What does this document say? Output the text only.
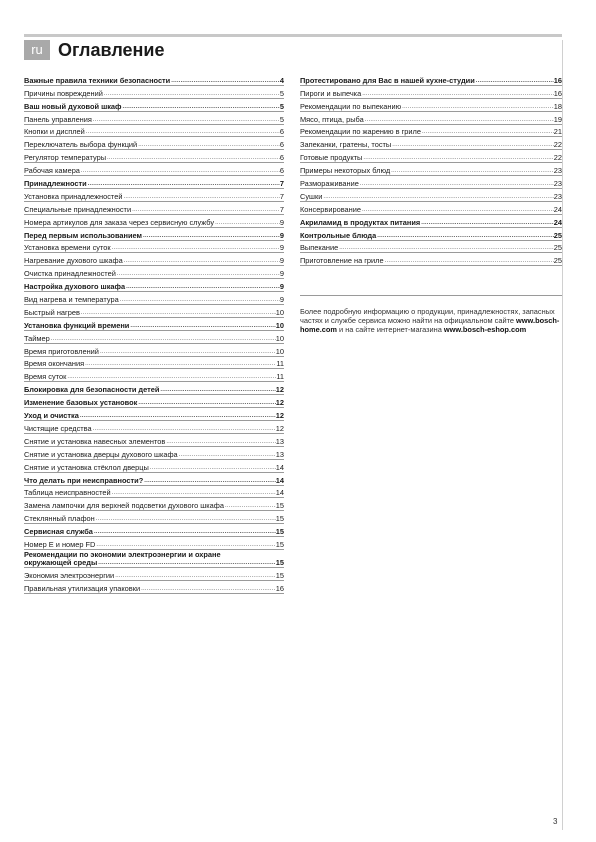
ru Оглавление
Важные правила техники безопасности .....	4
Причины повреждений .....	5
Ваш новый духовой шкаф .....	5
Панель управления .....	5
Кнопки и дисплей .....	6
Переключатель выбора функций .....	6
Регулятор температуры .....	6
Рабочая камера .....	6
Принадлежности .....	7
Установка принадлежностей .....	7
Специальные принадлежности .....	7
Номера артикулов для заказа через сервисную службу .....	9
Перед первым использованием .....	9
Установка времени суток .....	9
Нагревание духового шкафа .....	9
Очистка принадлежностей .....	9
Настройка духового шкафа .....	9
Вид нагрева и температура .....	9
Быстрый нагрев .....	10
Установка функций времени .....	10
Таймер .....	10
Время приготовлений .....	10
Время окончания .....	11
Время суток .....	11
Блокировка для безопасности детей .....	12
Изменение базовых установок .....	12
Уход и очистка .....	12
Чистящие средства .....	12
Снятие и установка навесных элементов .....	13
Снятие и установка дверцы духового шкафа .....	13
Снятие и установка стёклол дверцы .....	14
Что делать при неисправности? .....	14
Таблица неисправностей .....	14
Замена лампочки для верхней подсветки духового шкафа .....	15
Стеклянный плафон .....	15
Сервисная служба .....	15
Номер Е и номер FD .....	15
Рекомендации по экономии электроэнергии и охране
окружающей среды .....	15
Экономия электроэнергии .....	15
Правильная утилизация упаковки .....	16
Протестировано для Вас в нашей кухне-студии .....	16
Пироги и выпечка .....	16
Рекомендации по выпеканию .....	18
Мясо, птица, рыба .....	19
Рекомендации по жарению в гриле .....	21
Запеканки, гратены, тосты .....	22
Готовые продукты .....	22
Примеры некоторых блюд .....	23
Размораживание .....	23
Сушки .....	23
Консервирование .....	24
Акриламид в продуктах питания .....	24
Контрольные блюда .....	25
Выпекание .....	25
Приготовление на гриле .....	25
Более подробную информацию о продукции, принадлежностях, запасных частях и службе сервиса можно найти на официальном сайте www.bosch-home.com и на сайте интернет-магазина www.bosch-eshop.com
3
